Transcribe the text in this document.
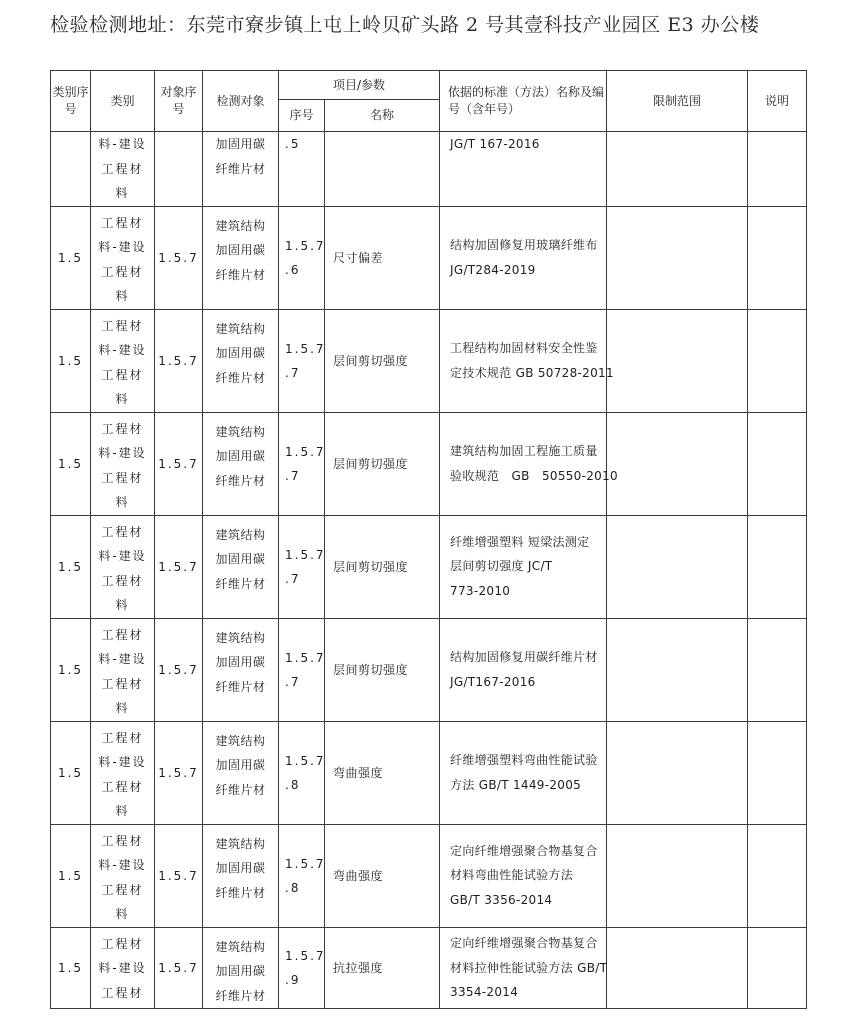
检验检测地址：东莞市寮步镇上屯上岭贝矿头路 2 号其壹科技产业园区 E3 办公楼
类别序号	类别	对象序号	检测对象	项目/参数		依据的标准（方法）名称及编号（含年号）	限制范围	说明
				序号	名称			

	料-建设
工程材
料		加固用碳
纤维片材	.5		JG/T 167-2016		

1.5	工程材
料-建设
工程材
料	1.5.7	建筑结构
加固用碳
纤维片材	1.5.7
.6	尺寸偏差	结构加固修复用玻璃纤维布
JG/T284-2019		

1.5	工程材
料-建设
工程材
料	1.5.7	建筑结构
加固用碳
纤维片材	1.5.7
.7	层间剪切强度	工程结构加固材料安全性鉴
定技术规范 GB 50728-2011		

1.5	工程材
料-建设
工程材
料	1.5.7	建筑结构
加固用碳
纤维片材	1.5.7
.7	层间剪切强度	建筑结构加固工程施工质量
验收规范　GB　50550-2010		

1.5	工程材
料-建设
工程材
料	1.5.7	建筑结构
加固用碳
纤维片材	1.5.7
.7	层间剪切强度	纤维增强塑料 短梁法测定
层间剪切强度 JC/T
773-2010		

1.5	工程材
料-建设
工程材
料	1.5.7	建筑结构
加固用碳
纤维片材	1.5.7
.7	层间剪切强度	结构加固修复用碳纤维片材
JG/T167-2016		

1.5	工程材
料-建设
工程材
料	1.5.7	建筑结构
加固用碳
纤维片材	1.5.7
.8	弯曲强度	纤维增强塑料弯曲性能试验
方法 GB/T 1449-2005		

1.5	工程材
料-建设
工程材
料	1.5.7	建筑结构
加固用碳
纤维片材	1.5.7
.8	弯曲强度	定向纤维增强聚合物基复合
材料弯曲性能试验方法
GB/T 3356-2014		

1.5	工程材
料-建设
工程材	1.5.7	建筑结构
加固用碳
纤维片材	1.5.7
.9	抗拉强度	定向纤维增强聚合物基复合
材料拉伸性能试验方法 GB/T
3354-2014		
